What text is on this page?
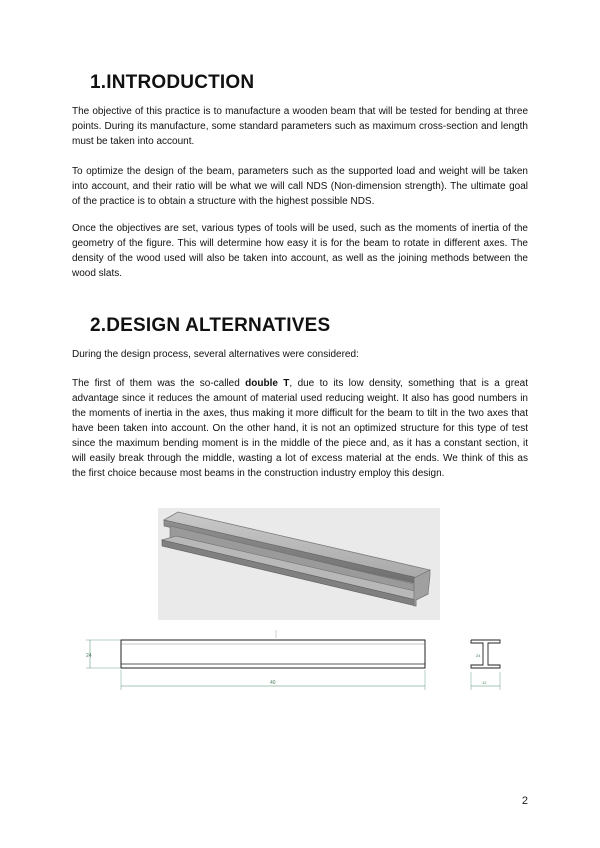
1.INTRODUCTION

The objective of this practice is to manufacture a wooden beam that will be tested for bending at three points. During its manufacture, some standard parameters such as maximum cross-section and length must be taken into account.

To optimize the design of the beam, parameters such as the supported load and weight will be taken into account, and their ratio will be what we will call NDS (Non-dimension strength). The ultimate goal of the practice is to obtain a structure with the highest possible NDS.

Once the objectives are set, various types of tools will be used, such as the moments of inertia of the geometry of the figure. This will determine how easy it is for the beam to rotate in different axes. The density of the wood used will also be taken into account, as well as the joining methods between the wood slats.

2.DESIGN ALTERNATIVES

During the design process, several alternatives were considered:

The first of them was the so-called double T, due to its low density, something that is a great advantage since it reduces the amount of material used reducing weight. It also has good numbers in the moments of inertia in the axes, thus making it more difficult for the beam to tilt in the two axes that have been taken into account. On the other hand, it is not an optimized structure for this type of test since the maximum bending moment is in the middle of the piece and, as it has a constant section, it will easily break through the middle, wasting a lot of excess material at the ends. We think of this as the first choice because most beams in the construction industry employ this design.

24
40
24
12
2
